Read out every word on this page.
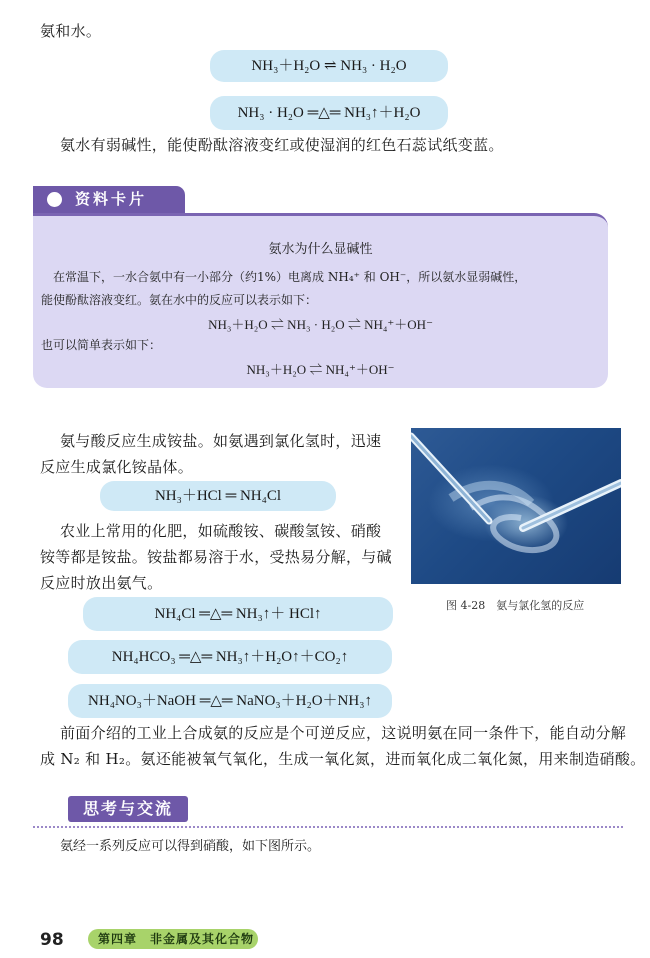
氨和水。
NH₃＋H₂O ⇌ NH₃ · H₂O
NH₃ · H₂O ═△═ NH₃↑＋H₂O
氨水有弱碱性，能使酚酞溶液变红或使湿润的红色石蕊试纸变蓝。
资料卡片
氨水为什么显碱性
在常温下，一水合氨中有一小部分（约1%）电离成 NH₄⁺ 和 OH⁻，所以氨水显弱碱性，
能使酚酞溶液变红。氨在水中的反应可以表示如下：
NH₃＋H₂O ⇌ NH₃ · H₂O ⇌ NH₄⁺＋OH⁻
也可以简单表示如下：
NH₃＋H₂O ⇌ NH₄⁺＋OH⁻
氨与酸反应生成铵盐。如氨遇到氯化氢时，迅速
反应生成氯化铵晶体。
NH₃＋HCl ═ NH₄Cl
农业上常用的化肥，如硫酸铵、碳酸氢铵、硝酸
铵等都是铵盐。铵盐都易溶于水，受热易分解，与碱
反应时放出氨气。
图 4-28　氨与氯化氢的反应
NH₄Cl ═△═ NH₃↑＋ HCl↑
NH₄HCO₃ ═△═ NH₃↑＋H₂O↑＋CO₂↑
NH₄NO₃＋NaOH ═△═ NaNO₃＋H₂O＋NH₃↑
前面介绍的工业上合成氨的反应是个可逆反应，这说明氨在同一条件下，能自动分解
成 N₂ 和 H₂。氨还能被氧气氧化，生成一氧化氮，进而氧化成二氧化氮，用来制造硝酸。
思考与交流
氨经一系列反应可以得到硝酸，如下图所示。
98	第四章　非金属及其化合物
